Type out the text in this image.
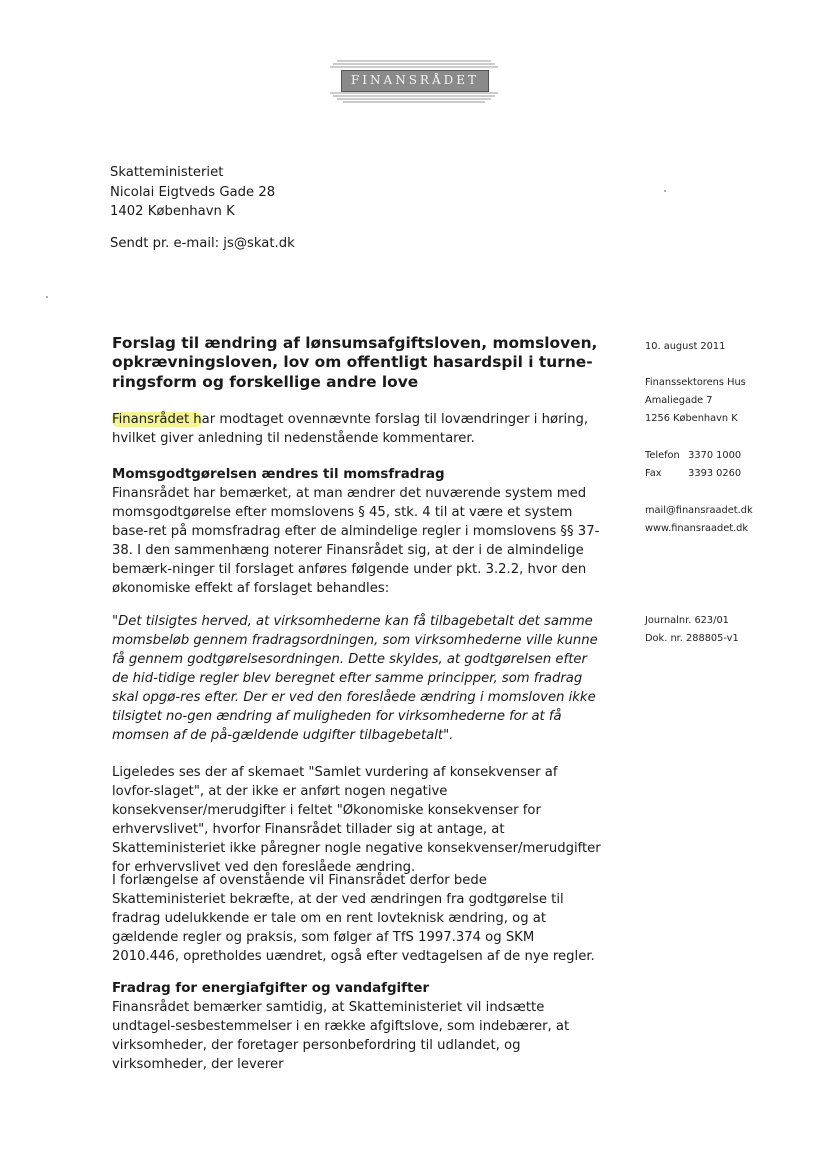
FINANSRÅDET
Skatteministeriet
Nicolai Eigtveds Gade 28
1402 København K
Sendt pr. e-mail: js@skat.dk
Forslag til ændring af lønsumsafgiftsloven, momsloven, opkrævningsloven, lov om offentligt hasardspil i turne-ringsform og forskellige andre love

Finansrådet har modtaget ovennævnte forslag til lovændringer i høring, hvilket giver anledning til nedenstående kommentarer.

Momsgodtgørelsen ændres til momsfradrag
Finansrådet har bemærket, at man ændrer det nuværende system med momsgodtgørelse efter momslovens § 45, stk. 4 til at være et system base-ret på momsfradrag efter de almindelige regler i momslovens §§ 37-38. I den sammenhæng noterer Finansrådet sig, at der i de almindelige bemærk-ninger til forslaget anføres følgende under pkt. 3.2.2, hvor den økonomiske effekt af forslaget behandles:

"Det tilsigtes herved, at virksomhederne kan få tilbagebetalt det samme momsbeløb gennem fradragsordningen, som virksomhederne ville kunne få gennem godtgørelsesordningen. Dette skyldes, at godtgørelsen efter de hid-tidige regler blev beregnet efter samme principper, som fradrag skal opgø-res efter. Der er ved den foreslåede ændring i momsloven ikke tilsigtet no-gen ændring af muligheden for virksomhederne for at få momsen af de på-gældende udgifter tilbagebetalt".

Ligeledes ses der af skemaet "Samlet vurdering af konsekvenser af lovfor-slaget", at der ikke er anført nogen negative konsekvenser/merudgifter i feltet "Økonomiske konsekvenser for erhvervslivet", hvorfor Finansrådet tillader sig at antage, at Skatteministeriet ikke påregner nogle negative konsekvenser/merudgifter for erhvervslivet ved den foreslåede ændring.

I forlængelse af ovenstående vil Finansrådet derfor bede Skatteministeriet bekræfte, at der ved ændringen fra godtgørelse til fradrag udelukkende er tale om en rent lovteknisk ændring, og at gældende regler og praksis, som følger af TfS 1997.374 og SKM 2010.446, opretholdes uændret, også efter vedtagelsen af de nye regler.

Fradrag for energiafgifter og vandafgifter
Finansrådet bemærker samtidig, at Skatteministeriet vil indsætte undtagel-sesbestemmelser i en række afgiftslove, som indebærer, at virksomheder, der foretager personbefordring til udlandet, og virksomheder, der leverer
10. august 2011
Finanssektorens Hus
Amaliegade 7
1256 København K
Telefon 3370 1000
Fax	3393 0260
mail@finansraadet.dk
www.finansraadet.dk
Journalnr. 623/01
Dok. nr. 288805-v1
